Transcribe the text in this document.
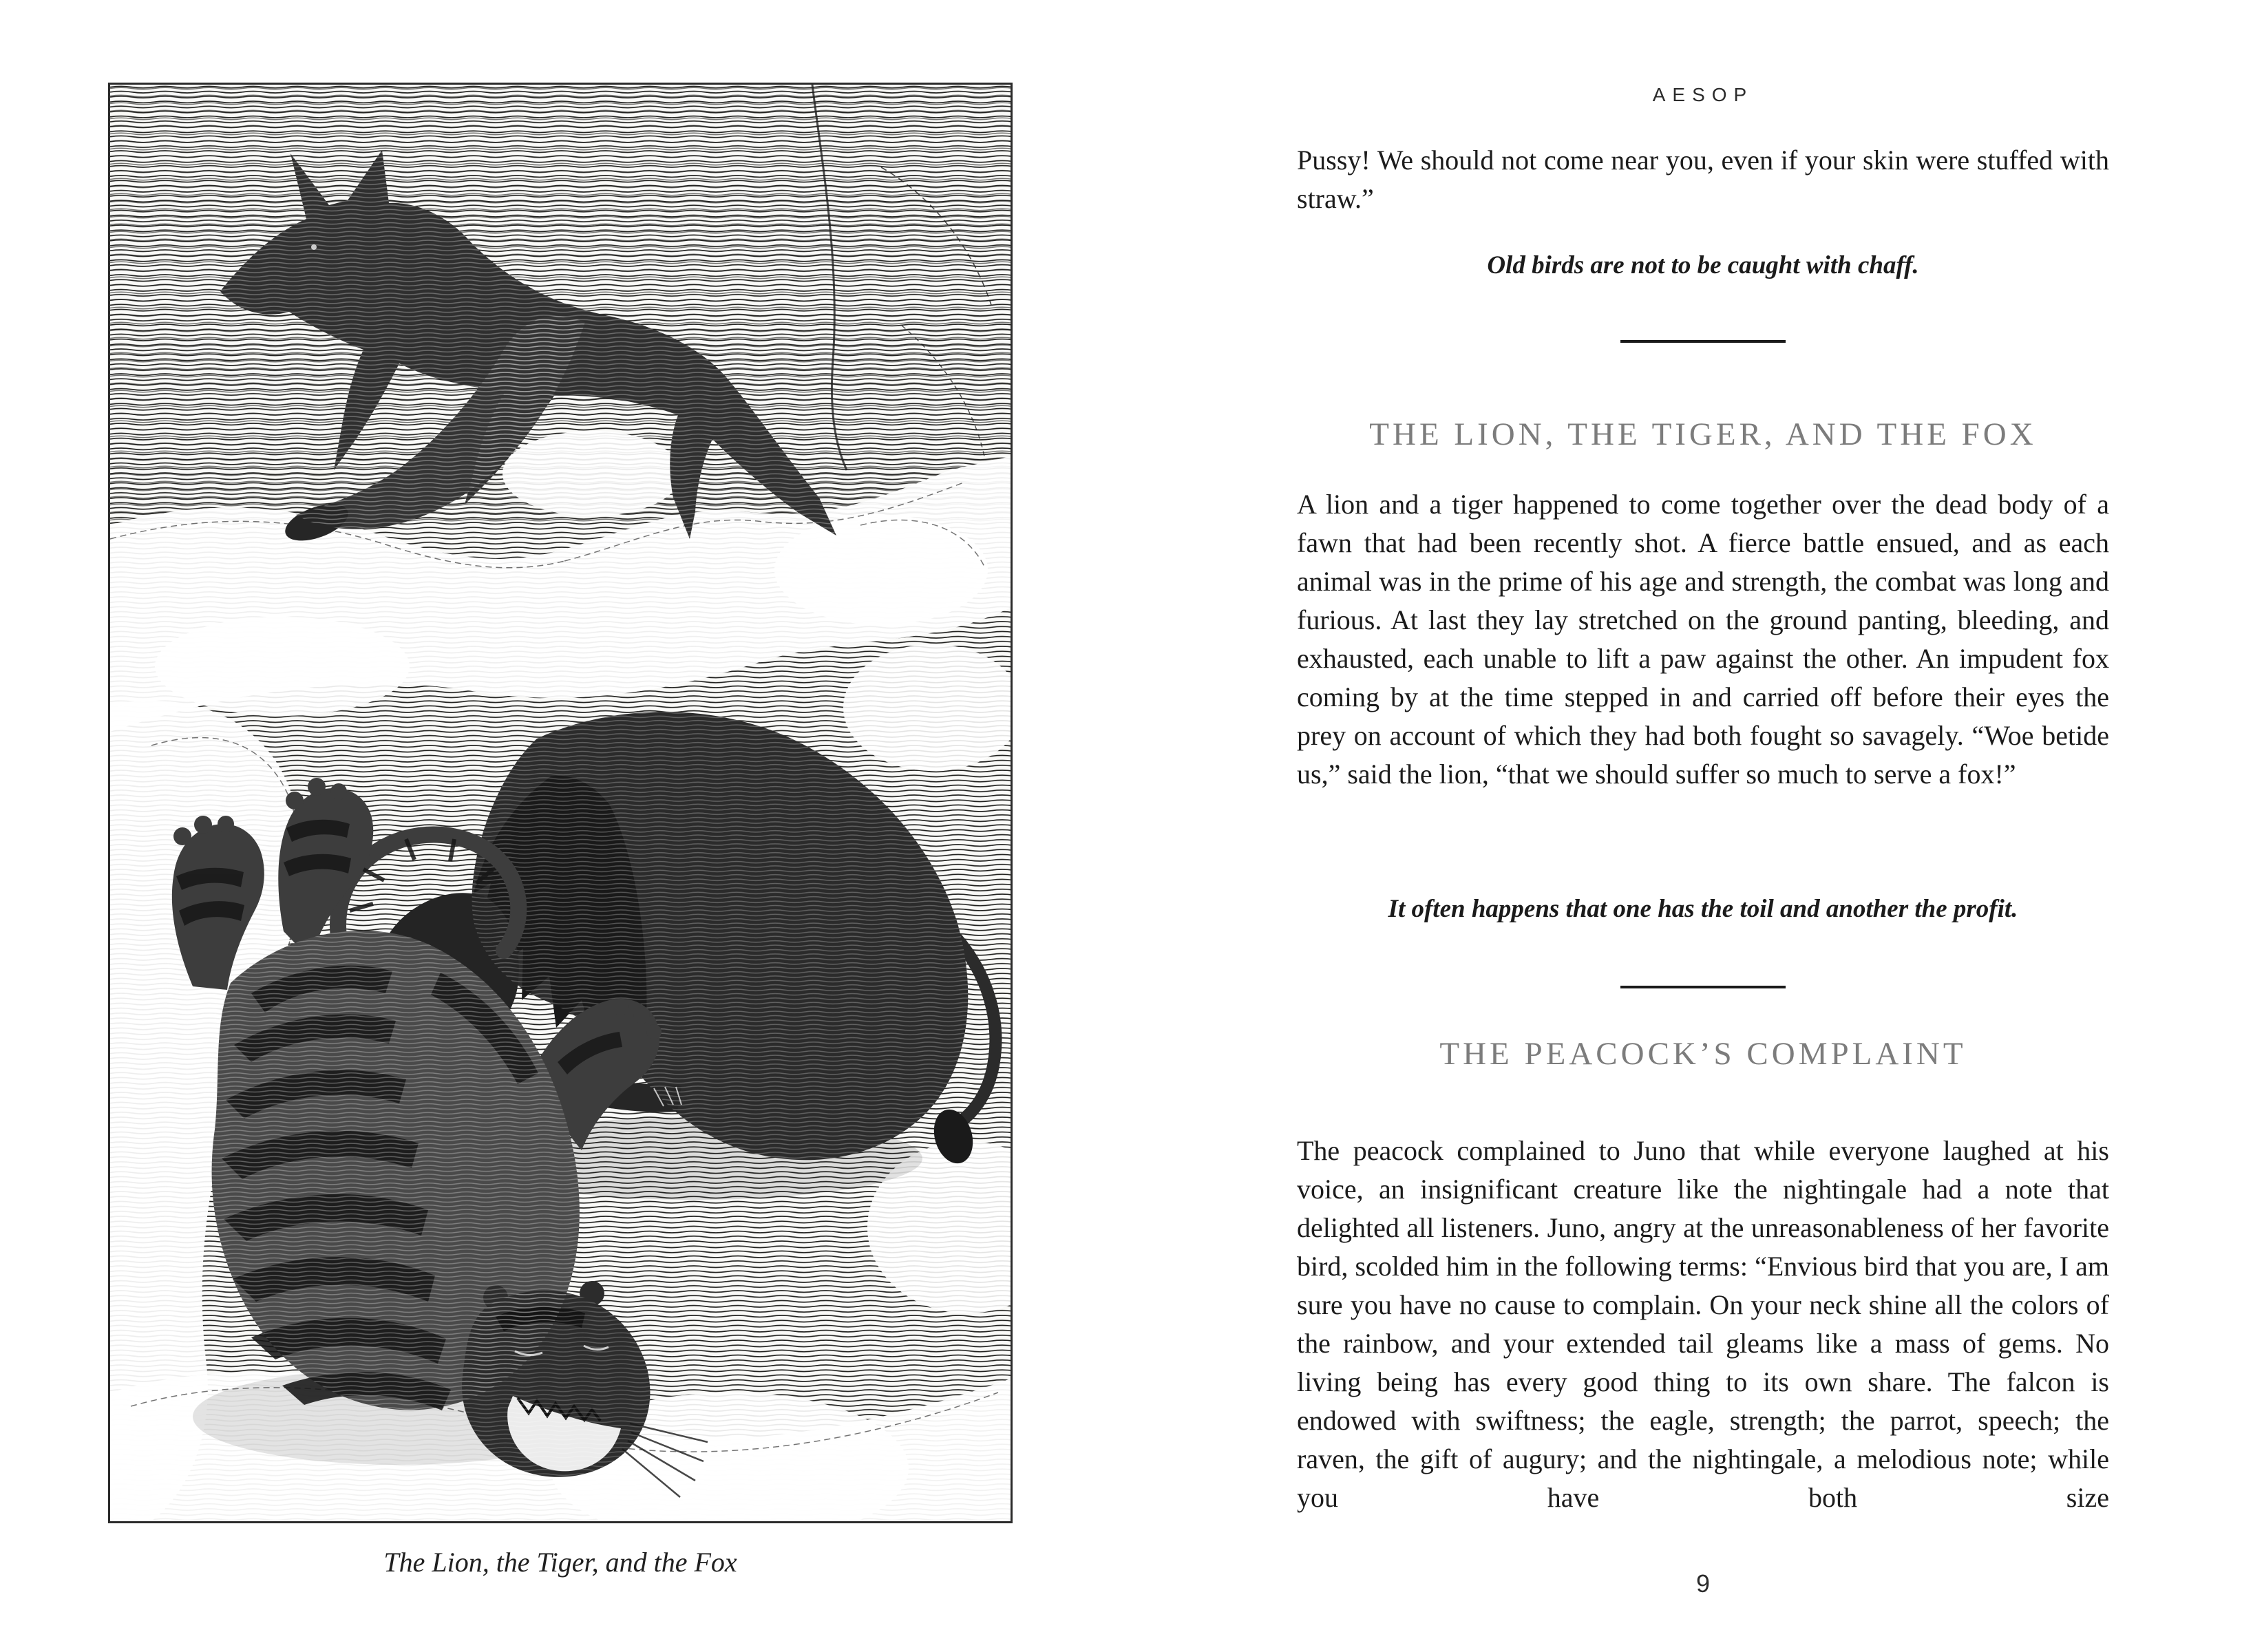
The Lion, the Tiger, and the Fox
AESOP

Pussy! We should not come near you, even if your skin were stuffed with straw.”

Old birds are not to be caught with chaff.
THE LION, THE TIGER, AND THE FOX

A lion and a tiger happened to come together over the dead body of a fawn that had been recently shot. A fierce battle ensued, and as each animal was in the prime of his age and strength, the combat was long and furious. At last they lay stretched on the ground panting, bleeding, and exhausted, each unable to lift a paw against the other. An impudent fox coming by at the time stepped in and carried off before their eyes the prey on account of which they had both fought so savagely. “Woe betide us,” said the lion, “that we should suffer so much to serve a fox!”

It often happens that one has the toil and another the profit.
THE PEACOCK’S COMPLAINT

The peacock complained to Juno that while everyone laughed at his voice, an insignificant creature like the nightingale had a note that delighted all listeners. Juno, angry at the unreasonableness of her favorite bird, scolded him in the following terms: “Envious bird that you are, I am sure you have no cause to complain. On your neck shine all the colors of the rainbow, and your extended tail gleams like a mass of gems. No living being has every good thing to its own share. The falcon is endowed with swiftness; the eagle, strength; the parrot, speech; the raven, the gift of augury; and the nightingale, a melodious note; while you have both size

9
